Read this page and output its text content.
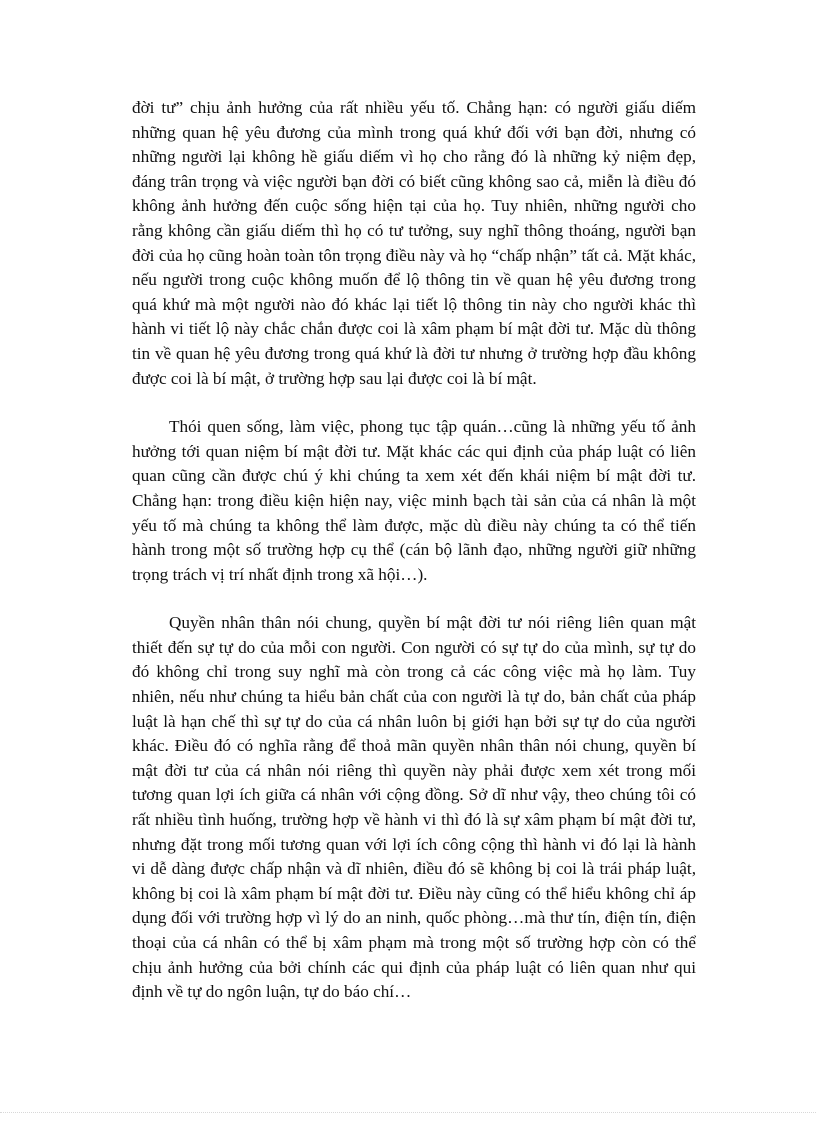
đời tư” chịu ảnh hưởng của rất nhiều yếu tố. Chẳng hạn: có người giấu diếm những quan hệ yêu đương của mình trong quá khứ đối với bạn đời, nhưng có những người lại không hề giấu diếm vì họ cho rằng đó là những kỷ niệm đẹp, đáng trân trọng và việc người bạn đời có biết cũng không sao cả, miễn là điều đó không ảnh hưởng đến cuộc sống hiện tại của họ. Tuy nhiên, những người cho rằng không cần giấu diếm thì họ có tư tưởng, suy nghĩ thông thoáng, người bạn đời của họ cũng hoàn toàn tôn trọng điều này và họ “chấp nhận” tất cả. Mặt khác, nếu người trong cuộc không muốn để lộ thông tin về quan hệ yêu đương trong quá khứ mà một người nào đó khác lại tiết lộ thông tin này cho người khác thì hành vi tiết lộ này chắc chắn được coi là xâm phạm bí mật đời tư. Mặc dù thông tin về quan hệ yêu đương trong quá khứ là đời tư nhưng ở trường hợp đầu không được coi là bí mật, ở trường hợp sau lại được coi là bí mật.

Thói quen sống, làm việc, phong tục tập quán…cũng là những yếu tố ảnh hưởng tới quan niệm bí mật đời tư. Mặt khác các qui định của pháp luật có liên quan cũng cần được chú ý khi chúng ta xem xét đến khái niệm bí mật đời tư. Chẳng hạn: trong điều kiện hiện nay, việc minh bạch tài sản của cá nhân là một yếu tố mà chúng ta không thể làm được, mặc dù điều này chúng ta có thể tiến hành trong một số trường hợp cụ thể (cán bộ lãnh đạo, những người giữ những trọng trách vị trí nhất định trong xã hội…).

Quyền nhân thân nói chung, quyền bí mật đời tư nói riêng liên quan mật thiết đến sự tự do của mỗi con người. Con người có sự tự do của mình, sự tự do đó không chỉ trong suy nghĩ mà còn trong cả các công việc mà họ làm. Tuy nhiên, nếu như chúng ta hiểu bản chất của con người là tự do, bản chất của pháp luật là hạn chế thì sự tự do của cá nhân luôn bị giới hạn bởi sự tự do của người khác. Điều đó có nghĩa rằng để thoả mãn quyền nhân thân nói chung, quyền bí mật đời tư của cá nhân nói riêng thì quyền này phải được xem xét trong mối tương quan lợi ích giữa cá nhân với cộng đồng. Sở dĩ như vậy, theo chúng tôi có rất nhiều tình huống, trường hợp về hành vi thì đó là sự xâm phạm bí mật đời tư, nhưng đặt trong mối tương quan với lợi ích công cộng thì hành vi đó lại là hành vi dễ dàng được chấp nhận và dĩ nhiên, điều đó sẽ không bị coi là trái pháp luật, không bị coi là xâm phạm bí mật đời tư. Điều này cũng có thể hiểu không chỉ áp dụng đối với trường hợp vì lý do an ninh, quốc phòng…mà thư tín, điện tín, điện thoại của cá nhân có thể bị xâm phạm mà trong một số trường hợp còn có thể chịu ảnh hưởng của bởi chính các qui định của pháp luật có liên quan như qui định về tự do ngôn luận, tự do báo chí…
